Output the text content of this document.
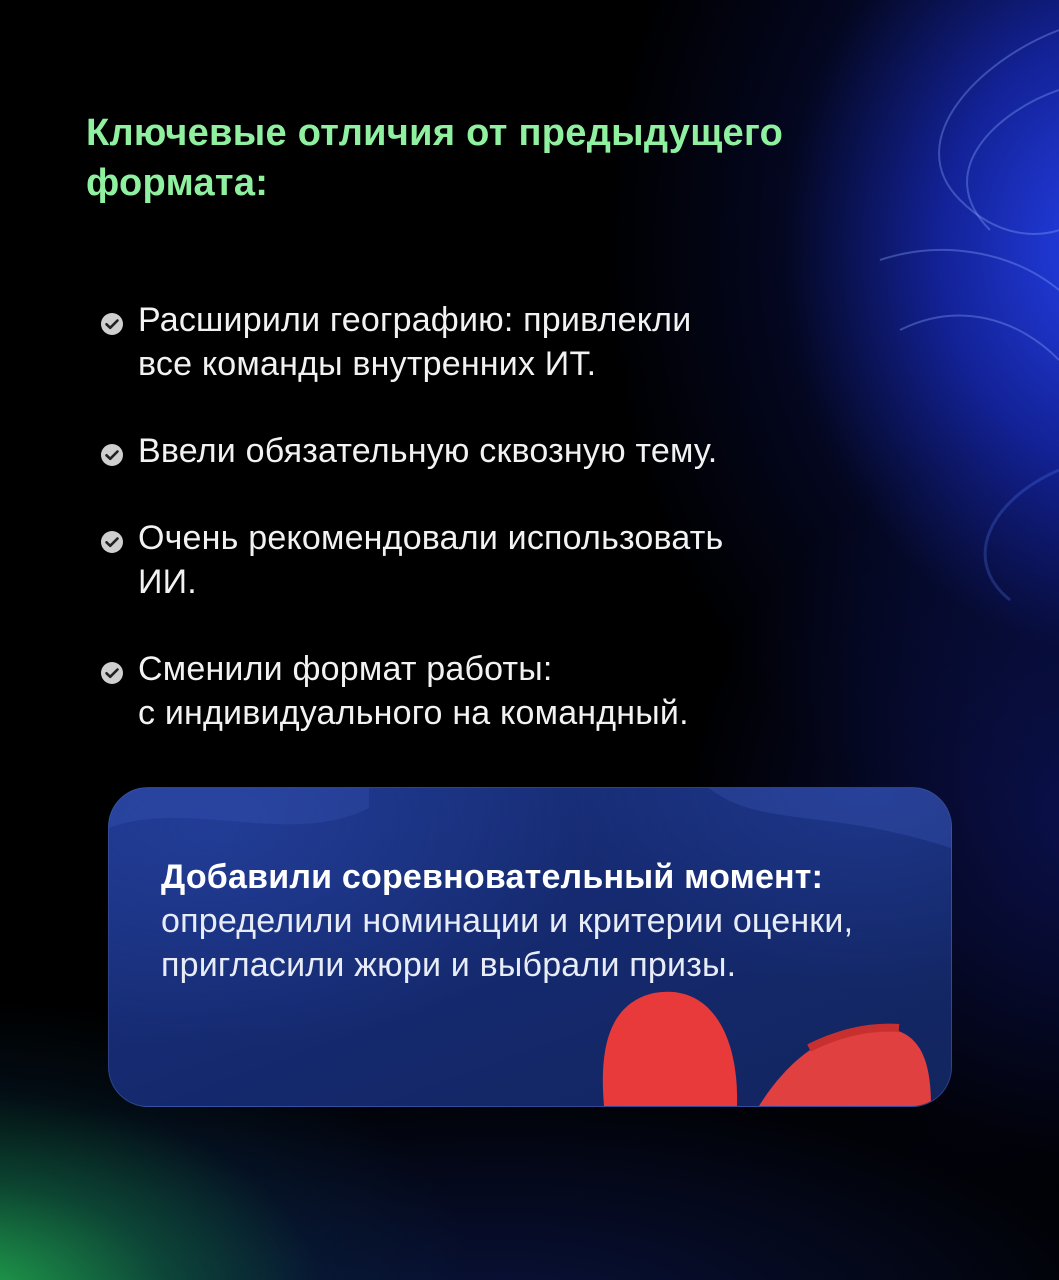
Ключевые отличия от предыдущего формата:
Расширили географию: привлекли
все команды внутренних ИТ.
Ввели обязательную сквозную тему.
Очень рекомендовали использовать
ИИ.
Сменили формат работы:
с индивидуального на командный.
Добавили соревновательный момент: определили номинации и критерии оценки, пригласили жюри и выбрали призы.
